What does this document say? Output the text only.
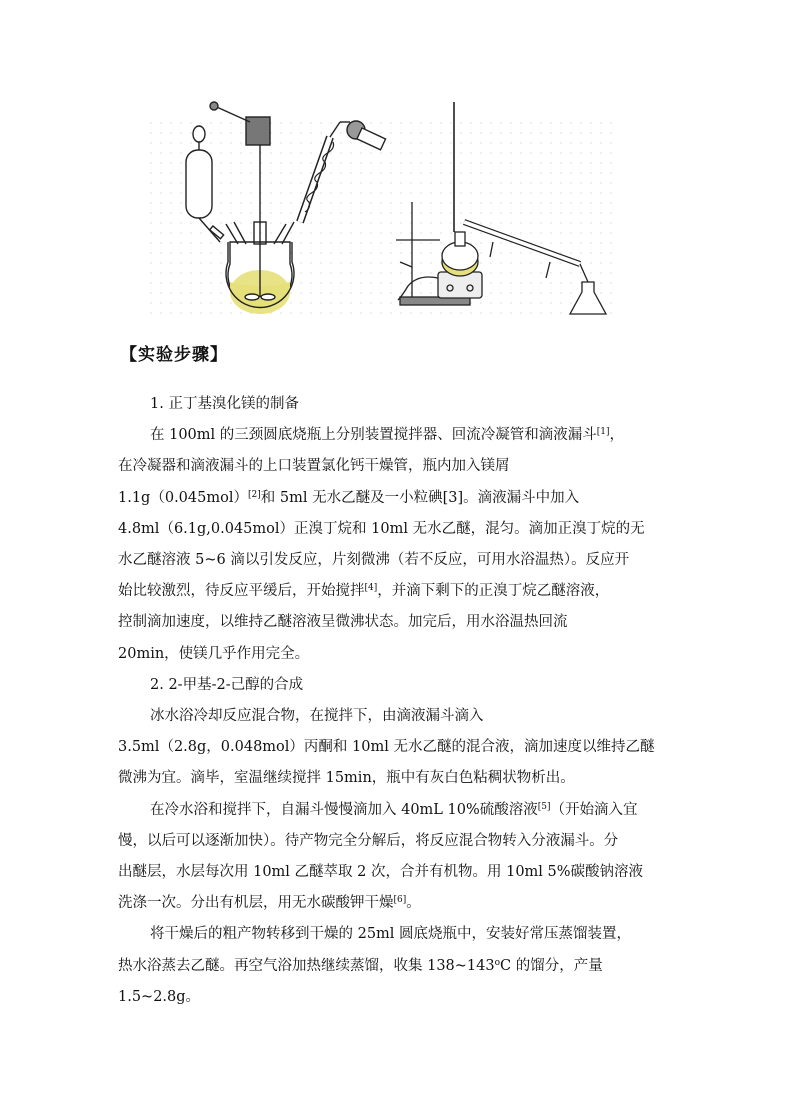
【实验步骤】
1. 正丁基溴化镁的制备
在 100ml 的三颈圆底烧瓶上分别装置搅拌器、回流冷凝管和滴液漏斗[1]，
在冷凝器和滴液漏斗的上口装置氯化钙干燥管，瓶内加入镁屑
1.1g（0.045mol）[2]和 5ml 无水乙醚及一小粒碘[3]。滴液漏斗中加入
4.8ml（6.1g,0.045mol）正溴丁烷和 10ml 无水乙醚，混匀。滴加正溴丁烷的无
水乙醚溶液 5~6 滴以引发反应，片刻微沸（若不反应，可用水浴温热）。反应开
始比较激烈，待反应平缓后，开始搅拌[4]，并滴下剩下的正溴丁烷乙醚溶液，
控制滴加速度，以维持乙醚溶液呈微沸状态。加完后，用水浴温热回流
20min，使镁几乎作用完全。
2. 2-甲基-2-己醇的合成
冰水浴冷却反应混合物，在搅拌下，由滴液漏斗滴入
3.5ml（2.8g，0.048mol）丙酮和 10ml 无水乙醚的混合液，滴加速度以维持乙醚
微沸为宜。滴毕，室温继续搅拌 15min，瓶中有灰白色粘稠状物析出。
在冷水浴和搅拌下，自漏斗慢慢滴加入 40mL 10%硫酸溶液[5]（开始滴入宜
慢，以后可以逐渐加快）。待产物完全分解后，将反应混合物转入分液漏斗。分
出醚层，水层每次用 10ml 乙醚萃取 2 次，合并有机物。用 10ml 5%碳酸钠溶液
洗涤一次。分出有机层，用无水碳酸钾干燥[6]。
将干燥后的粗产物转移到干燥的 25ml 圆底烧瓶中，安装好常压蒸馏装置，
热水浴蒸去乙醚。再空气浴加热继续蒸馏，收集 138~143$^o$C 的馏分，产量
1.5~2.8g。
